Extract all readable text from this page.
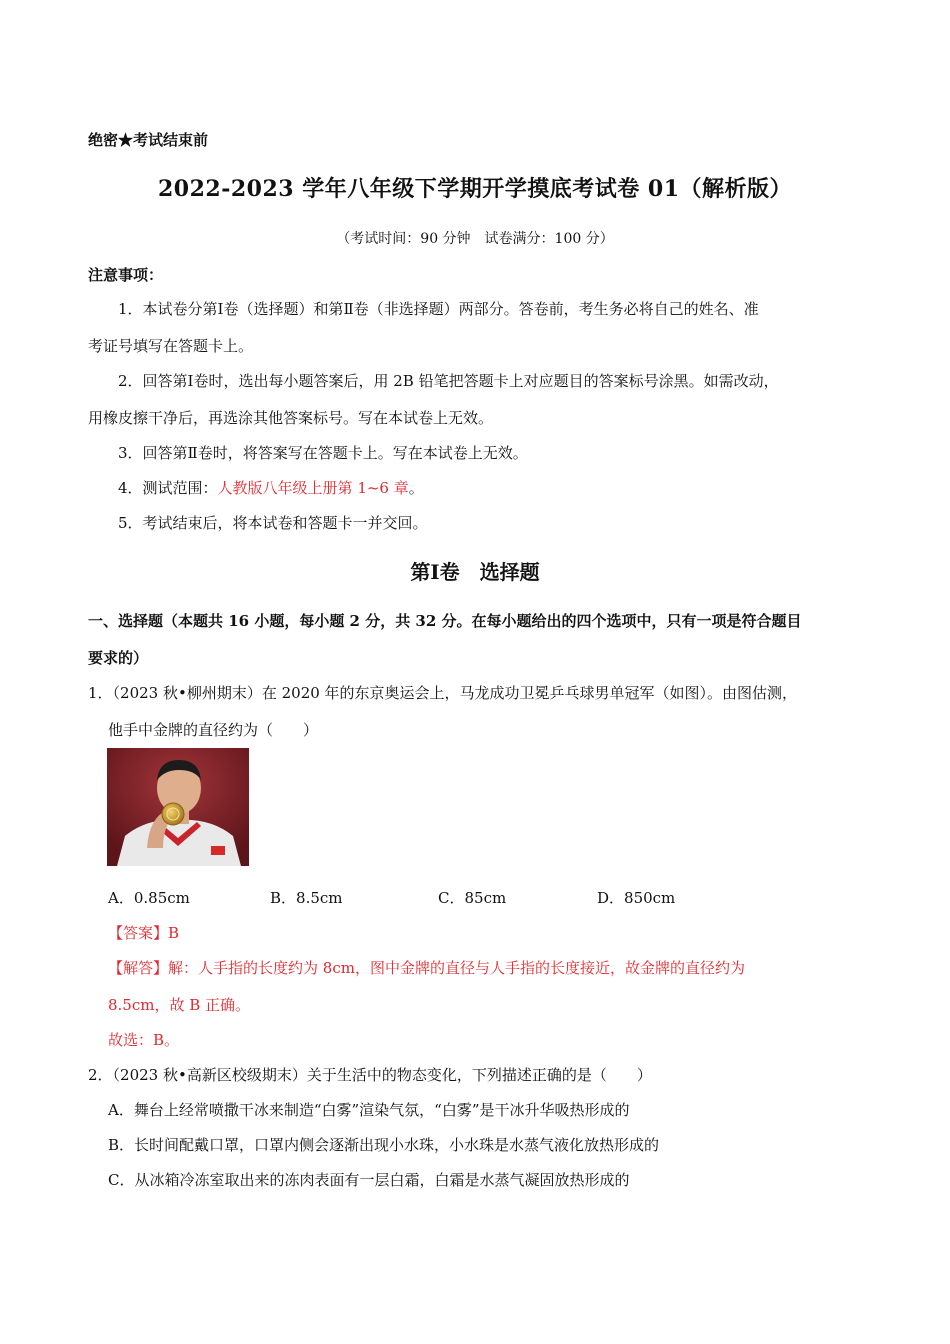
绝密★考试结束前
2022-2023 学年八年级下学期开学摸底考试卷 01（解析版）
（考试时间：90 分钟　试卷满分：100 分）
注意事项：
1．本试卷分第Ⅰ卷（选择题）和第Ⅱ卷（非选择题）两部分。答卷前，考生务必将自己的姓名、准
考证号填写在答题卡上。
2．回答第Ⅰ卷时，选出每小题答案后，用 2B 铅笔把答题卡上对应题目的答案标号涂黑。如需改动，
用橡皮擦干净后，再选涂其他答案标号。写在本试卷上无效。
3．回答第Ⅱ卷时，将答案写在答题卡上。写在本试卷上无效。
4．测试范围：人教版八年级上册第 1~6 章。
5．考试结束后，将本试卷和答题卡一并交回。
第Ⅰ卷　选择题
一、选择题（本题共 16 小题，每小题 2 分，共 32 分。在每小题给出的四个选项中，只有一项是符合题目
要求的）
1．（2023 秋•柳州期末）在 2020 年的东京奥运会上，马龙成功卫冕乒乓球男单冠军（如图）。由图估测，
他手中金牌的直径约为（　　）
A．0.85cm	B．8.5cm	C．85cm	D．850cm
【答案】B
【解答】解：人手指的长度约为 8cm，图中金牌的直径与人手指的长度接近，故金牌的直径约为
8.5cm，故 B 正确。
故选：B。
2．（2023 秋•高新区校级期末）关于生活中的物态变化，下列描述正确的是（　　）
A．舞台上经常喷撒干冰来制造“白雾”渲染气氛，“白雾”是干冰升华吸热形成的
B．长时间配戴口罩，口罩内侧会逐渐出现小水珠，小水珠是水蒸气液化放热形成的
C．从冰箱冷冻室取出来的冻肉表面有一层白霜，白霜是水蒸气凝固放热形成的
